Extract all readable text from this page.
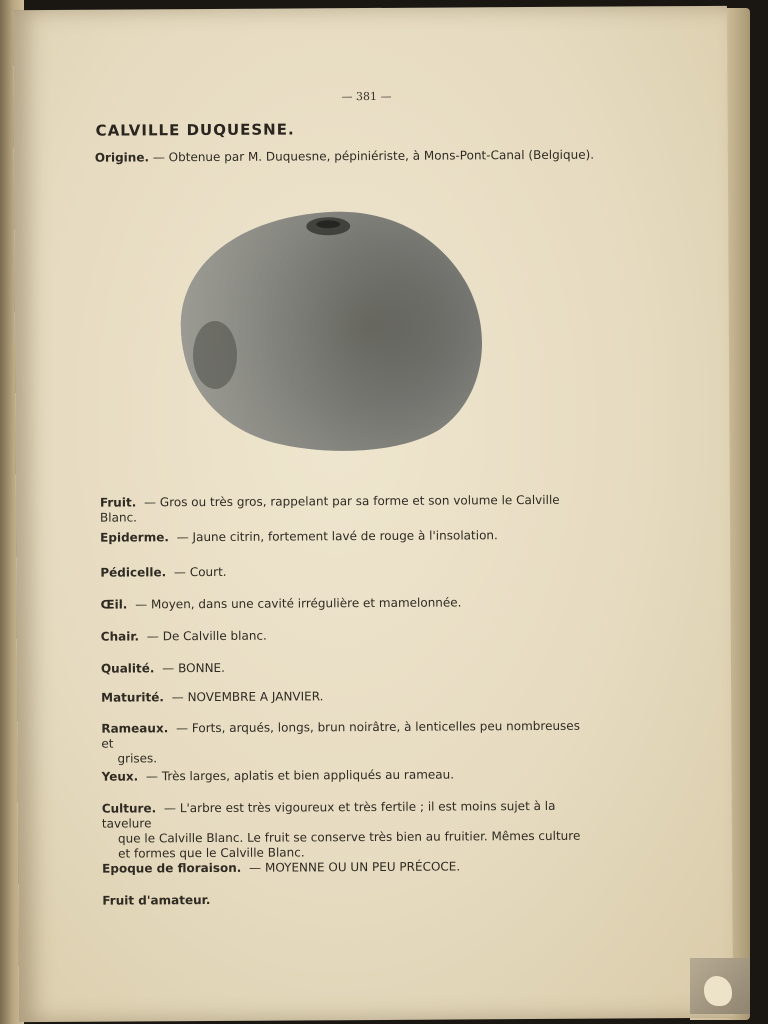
— 381 —
CALVILLE DUQUESNE.
Origine. — Obtenue par M. Duquesne, pépiniériste, à Mons-Pont-Canal (Belgique).
Fruit. — Gros ou très gros, rappelant par sa forme et son volume le Calville Blanc.
Epiderme. — Jaune citrin, fortement lavé de rouge à l'insolation.
Pédicelle. — Court.
Œil. — Moyen, dans une cavité irrégulière et mamelonnée.
Chair. — De Calville blanc.
Qualité. — BONNE.
Maturité. — NOVEMBRE A JANVIER.
Rameaux. — Forts, arqués, longs, brun noirâtre, à lenticelles peu nombreuses et
grises.
Yeux. — Très larges, aplatis et bien appliqués au rameau.
Culture. — L'arbre est très vigoureux et très fertile ; il est moins sujet à la tavelure
que le Calville Blanc. Le fruit se conserve très bien au fruitier. Mêmes culture et formes que le Calville Blanc.
Epoque de floraison. — MOYENNE OU UN PEU PRÉCOCE.
Fruit d'amateur.
